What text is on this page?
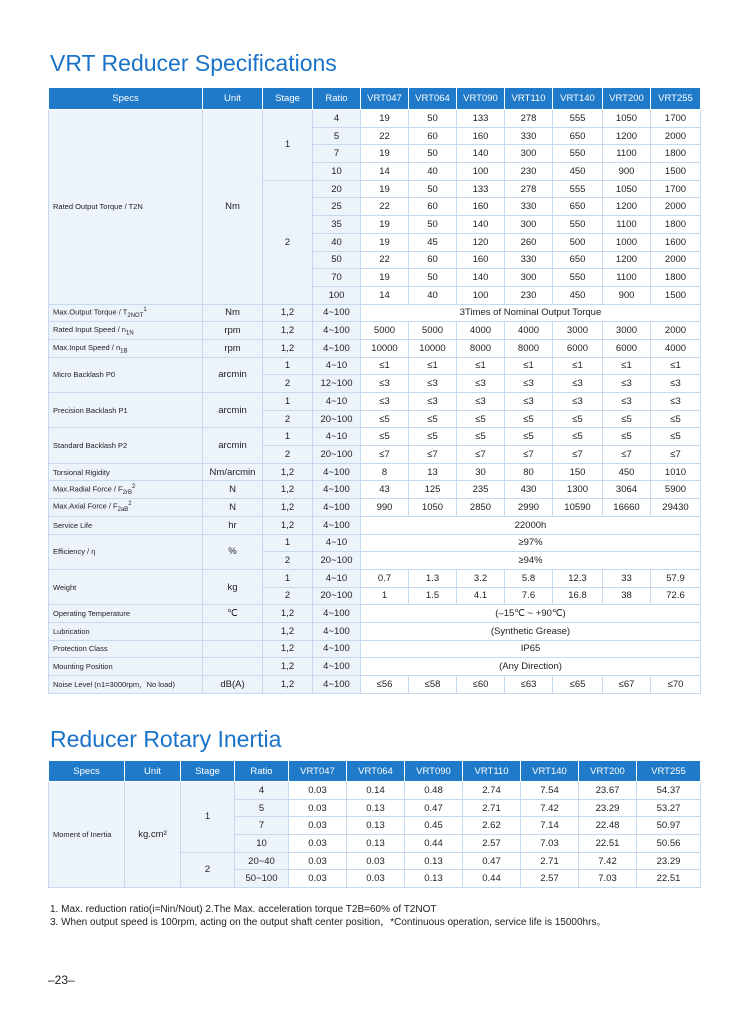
VRT Reducer Specifications
Specs	Unit	Stage	Ratio	VRT047	VRT064	VRT090	VRT110	VRT140	VRT200	VRT255
Rated Output Torque / T2N	Nm	1	4	19	50	133	278	555	1050	1700
			5	22	60	160	330	650	1200	2000
			7	19	50	140	300	550	1100	1800
			10	14	40	100	230	450	900	1500
		2	20	19	50	133	278	555	1050	1700
			25	22	60	160	330	650	1200	2000
			35	19	50	140	300	550	1100	1800
			40	19	45	120	260	500	1000	1600
			50	22	60	160	330	650	1200	2000
			70	19	50	140	300	550	1100	1800
			100	14	40	100	230	450	900	1500
Max.Output Torque / $T_{2NOT}^1$	Nm	1,2	4~100	3Times of Nominal Output Torque						
Rated Input Speed / $n_{1N}$	rpm	1,2	4~100	5000	5000	4000	4000	3000	3000	2000
Max.Input Speed / $n_{1B}$	rpm	1,2	4~100	10000	10000	8000	8000	6000	6000	4000
Micro Backlash P0	arcmin	1	4~10	≤1	≤1	≤1	≤1	≤1	≤1	≤1
		2	12~100	≤3	≤3	≤3	≤3	≤3	≤3	≤3
Precision Backlash P1	arcmin	1	4~10	≤3	≤3	≤3	≤3	≤3	≤3	≤3
		2	20~100	≤5	≤5	≤5	≤5	≤5	≤5	≤5
Standard Backlash P2	arcmin	1	4~10	≤5	≤5	≤5	≤5	≤5	≤5	≤5
		2	20~100	≤7	≤7	≤7	≤7	≤7	≤7	≤7
Torsional Rigidity	Nm/arcmin	1,2	4~100	8	13	30	80	150	450	1010
Max.Radial Force / $F_{2rB}^2$	N	1,2	4~100	43	125	235	430	1300	3064	5900
Max.Axial Force / $F_{2aB}^2$	N	1,2	4~100	990	1050	2850	2990	10590	16660	29430
Service Life	hr	1,2	4~100	22000h						
Efficiency / η	%	1	4~10	≥97%						
		2	20~100	≥94%						
Weight	kg	1	4~10	0.7	1.3	3.2	5.8	12.3	33	57.9
		2	20~100	1	1.5	4.1	7.6	16.8	38	72.6
Operating Temperature	℃	1,2	4~100	(–15℃ ~ +90℃)						
Lubrication		1,2	4~100	(Synthetic Grease)						
Protection Class		1,2	4~100	IP65						
Mounting Position		1,2	4~100	(Any Direction)						
Noise Level (n1=3000rpm，No load)	dB(A)	1,2	4~100	≤56	≤58	≤60	≤63	≤65	≤67	≤70
Reducer Rotary Inertia
Specs	Unit	Stage	Ratio	VRT047	VRT064	VRT090	VRT110	VRT140	VRT200	VRT255
Moment of Inertia	kg.cm²	1	4	0.03	0.14	0.48	2.74	7.54	23.67	54.37
			5	0.03	0.13	0.47	2.71	7.42	23.29	53.27
			7	0.03	0.13	0.45	2.62	7.14	22.48	50.97
			10	0.03	0.13	0.44	2.57	7.03	22.51	50.56
		2	20~40	0.03	0.03	0.13	0.47	2.71	7.42	23.29
			50~100	0.03	0.03	0.13	0.44	2.57	7.03	22.51
1. Max. reduction ratio(i=Nin/Nout) 2.The Max. acceleration torque T2B=60% of T2NOT
3. When output speed is 100rpm, acting on the output shaft center position，*Continuous operation, service life is 15000hrs。
–23–
